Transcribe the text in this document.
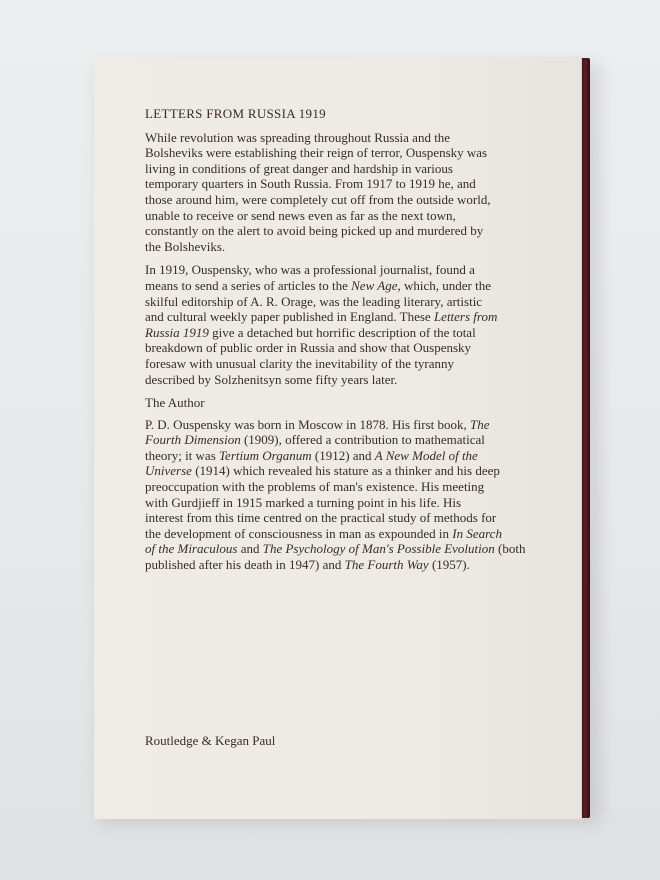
LETTERS FROM RUSSIA 1919
While revolution was spreading throughout Russia and the
Bolsheviks were establishing their reign of terror, Ouspensky was
living in conditions of great danger and hardship in various
temporary quarters in South Russia. From 1917 to 1919 he, and
those around him, were completely cut off from the outside world,
unable to receive or send news even as far as the next town,
constantly on the alert to avoid being picked up and murdered by
the Bolsheviks.
In 1919, Ouspensky, who was a professional journalist, found a
means to send a series of articles to the New Age, which, under the
skilful editorship of A. R. Orage, was the leading literary, artistic
and cultural weekly paper published in England. These Letters from
Russia 1919 give a detached but horrific description of the total
breakdown of public order in Russia and show that Ouspensky
foresaw with unusual clarity the inevitability of the tyranny
described by Solzhenitsyn some fifty years later.
The Author
P. D. Ouspensky was born in Moscow in 1878. His first book, The
Fourth Dimension (1909), offered a contribution to mathematical
theory; it was Tertium Organum (1912) and A New Model of the
Universe (1914) which revealed his stature as a thinker and his deep
preoccupation with the problems of man's existence. His meeting
with Gurdjieff in 1915 marked a turning point in his life. His
interest from this time centred on the practical study of methods for
the development of consciousness in man as expounded in In Search
of the Miraculous and The Psychology of Man's Possible Evolution (both
published after his death in 1947) and The Fourth Way (1957).
Routledge & Kegan Paul
